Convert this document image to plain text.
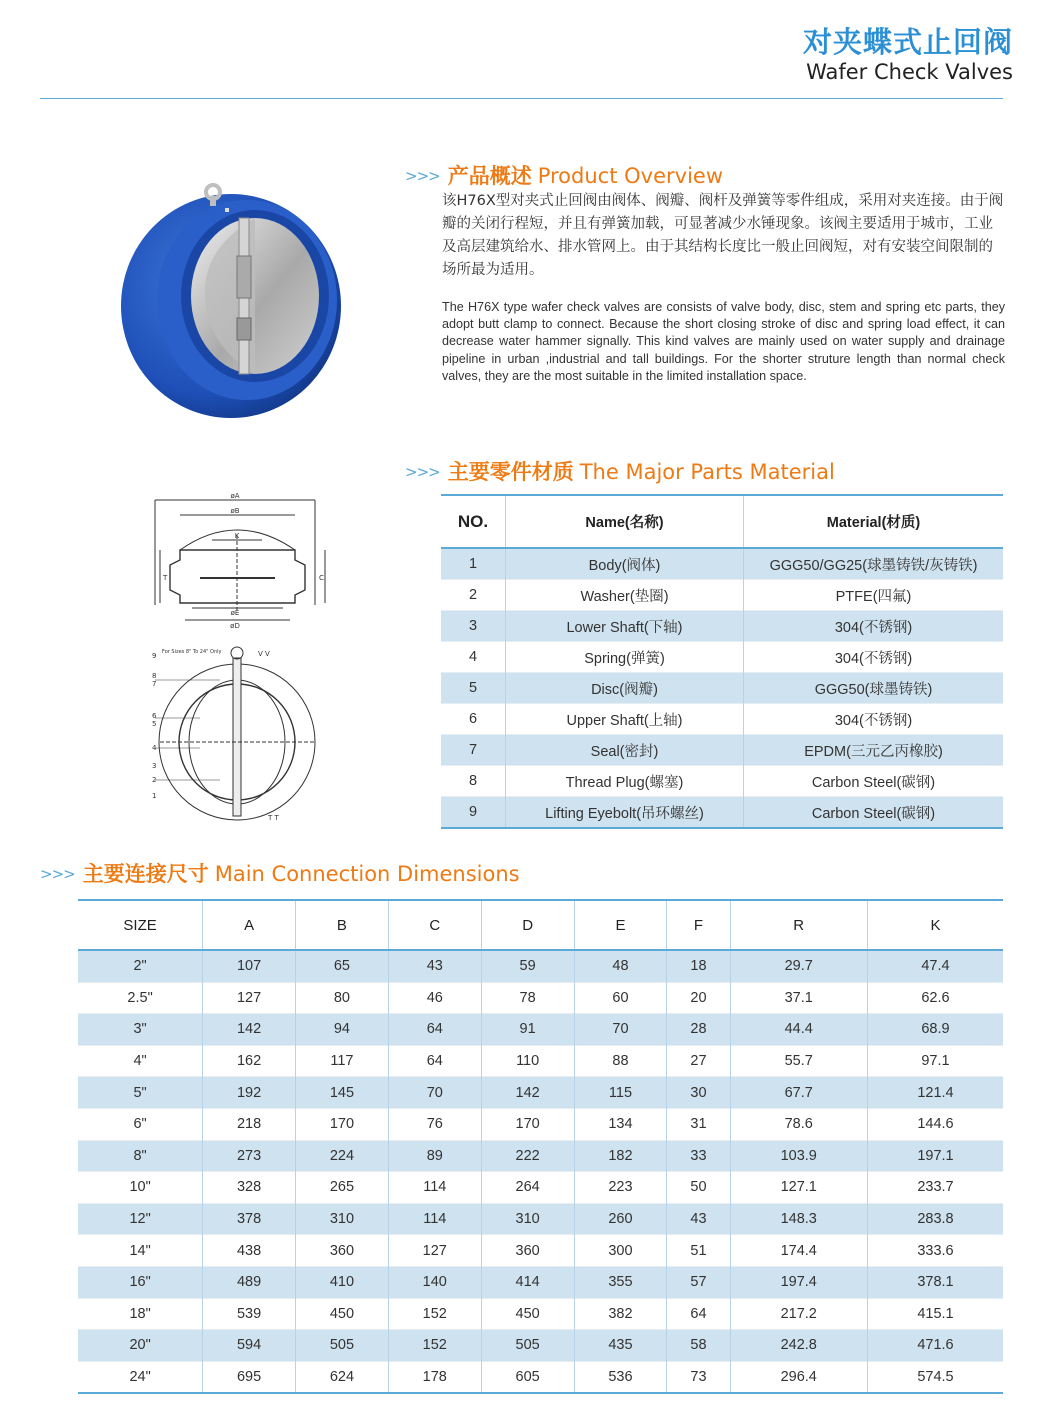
对夹蝶式止回阀
Wafer Check Valves
øA
øB
K
øE
øD
C
T
For Sizes 8" To 24" Only	V V
9
8
7
6
5
4
3
2
1
T T
>>> 产品概述 Product Overview
该H76X型对夹式止回阀由阀体、阀瓣、阀杆及弹簧等零件组成，采用对夹连接。由于阀瓣的关闭行程短，并且有弹簧加载，可显著减少水锤现象。该阀主要适用于城市，工业及高层建筑给水、排水管网上。由于其结构长度比一般止回阀短，对有安装空间限制的场所最为适用。
The H76X type wafer check valves are consists of valve body, disc, stem and spring etc parts, they adopt butt clamp to connect. Because the short closing stroke of disc and spring load effect, it can decrease water hammer signally. This kind valves are mainly used on water supply and drainage pipeline in urban ,industrial and tall buildings. For the shorter struture length than normal check valves, they are the most suitable in the limited installation space.
>>> 主要零件材质 The Major Parts Material
NO.	Name(名称)	Material(材质)
1	Body(阀体)	GGG50/GG25(球墨铸铁/灰铸铁)
2	Washer(垫圈)	PTFE(四氟)
3	Lower Shaft(下轴)	304(不锈钢)
4	Spring(弹簧)	304(不锈钢)
5	Disc(阀瓣)	GGG50(球墨铸铁)
6	Upper Shaft(上轴)	304(不锈钢)
7	Seal(密封)	EPDM(三元乙丙橡胶)
8	Thread Plug(螺塞)	Carbon Steel(碳钢)
9	Lifting Eyebolt(吊环螺丝)	Carbon Steel(碳钢)
>>> 主要连接尺寸 Main Connection Dimensions
SIZE	A	B	C	D	E	F	R	K
2"	107	65	43	59	48	18	29.7	47.4
2.5"	127	80	46	78	60	20	37.1	62.6
3"	142	94	64	91	70	28	44.4	68.9
4"	162	117	64	110	88	27	55.7	97.1
5"	192	145	70	142	115	30	67.7	121.4
6"	218	170	76	170	134	31	78.6	144.6
8"	273	224	89	222	182	33	103.9	197.1
10"	328	265	114	264	223	50	127.1	233.7
12"	378	310	114	310	260	43	148.3	283.8
14"	438	360	127	360	300	51	174.4	333.6
16"	489	410	140	414	355	57	197.4	378.1
18"	539	450	152	450	382	64	217.2	415.1
20"	594	505	152	505	435	58	242.8	471.6
24"	695	624	178	605	536	73	296.4	574.5
